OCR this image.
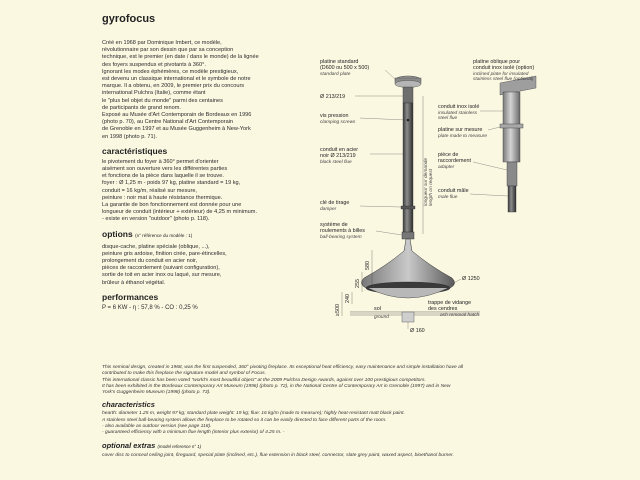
gyrofocus

Créé en 1968 par Dominique Imbert, ce modèle,

révolutionnaire par son dessin que par sa conception

technique, est le premier (en date / dans le monde) de la lignée

des foyers suspendus et pivotants à 360°.

Ignorant les modes éphémères, ce modèle prestigieux,

est devenu un classique international et le symbole de notre

marque. Il a obtenu, en 2009, le premier prix du concours

international Pulchra (Italie), comme étant

le "plus bel objet du monde" parmi des centaines

de participants de grand renom.

Exposé au Musée d'Art Contemporain de Bordeaux en 1996

(photo p. 70), au Centre National d'Art Contemporain

de Grenoble en 1997 et au Musée Guggenheim à New-York

en 1998 (photo p. 71).

caractéristiques

le pivotement du foyer à 360° permet d'orienter

aisément son ouverture vers les différentes parties

et fonctions de la pièce dans laquelle il se trouve.

foyer : Ø 1,25 m - poids 97 kg, platine standard = 19 kg,

conduit = 16 kg/m, réalisé sur mesure,

peinture : noir mat à haute résistance thermique.

La garantie de bon fonctionnement est donnée pour une

longueur de conduit (intérieur + extérieur) de 4,25 m minimum.

- existe en version "outdoor" (photo p. 118).

options (n° référence du modèle : 1)

disque-cache, platine spéciale (oblique, ...),

peinture gris ardoise, finition cirée, pare-étincelles,

prolongement du conduit en acier noir,

pièces de raccordement (suivant configuration),

sortie de toit en acier inox ou laqué, sur mesure,

brûleur à éthanol végétal.

performances

P = 6 KW - η : 57,8 % - CO : 0,25 %

longueur sur demande length on request
580
255
240
≥500
platine standard
(D600 ou 500 x 500)
standard plate
Ø 213/219
vis pression
clamping screws
conduit en acier
noir Ø 213/219
black steel flue
clé de tirage
damper
système de
roulements à billes
ball-bearing system
platine oblique pour
conduit inox isolé (option)
inclined plate for insulated
stainless steel flue (optional)
conduit inox isolé
insulated stainless
steel flue
platine sur mesure
plate made to measure
pièce de
raccordement
adapter
conduit mâle
male flue
Ø 1250
trappe de vidange
des cendres
ash removal hatch
sol
ground
Ø 160

This seminal design, created in 1968, was the first suspended, 360° pivoting fireplace. Its exceptional heat efficiency, easy maintenance and simple installation have all

contributed to make this fireplace the signature model and symbol of Focus.

This international classic has been voted "world's most beautiful object" at the 2009 Pulchra Design Awards, against over 100 prestigious competitors.

It has been exhibited in the Bordeaux Contemporary Art Museum (1996) (photo p. 72), in the National Centre of Contemporary Art in Grenoble (1997) and in New

York's Guggenheim Museum (1998) (photo p. 73).

characteristics

hearth: diameter 1.25 m, weight 97 kg; standard plate weight: 19 kg; flue: 16 kg/m (made to measure); highly heat-resistant matt black paint.

A stainless steel ball-bearing system allows the fireplace to be rotated so it can be easily directed to face different parts of the room.

- also available as outdoor version (see page 118).

- guaranteed efficiency with a minimum flue length (interior plus exterior) of 4.25 m. -

optional extras (model reference n° 1)

cover disc to conceal ceiling joint, fireguard, special plate (inclined, etc.), flue extension in black steel, connector, slate grey paint, waxed aspect, bioethanol burner.
